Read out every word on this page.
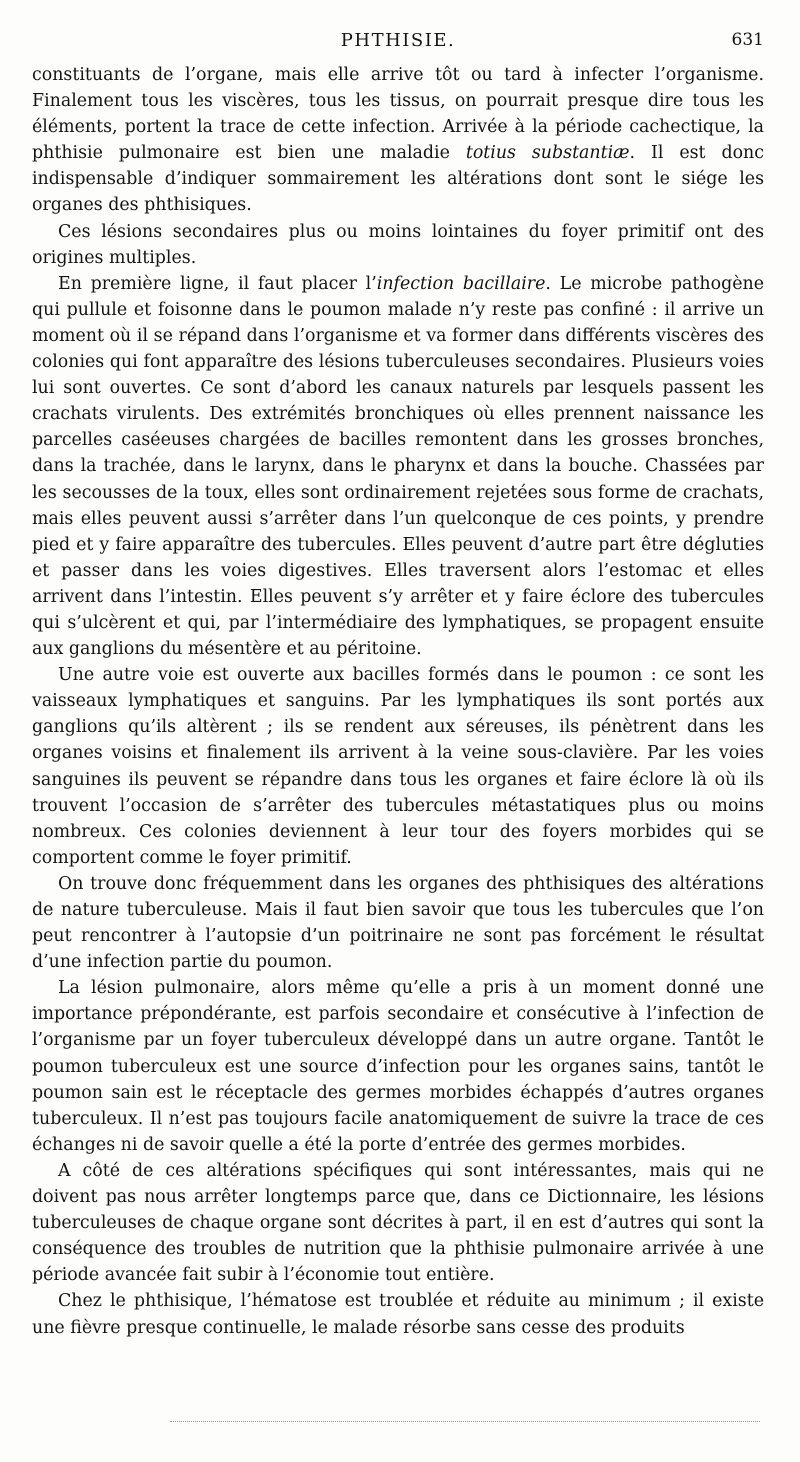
PHTHISIE.	631

constituants de l’organe, mais elle arrive tôt ou tard à infecter l’organisme. Finalement tous les viscères, tous les tissus, on pourrait presque dire tous les éléments, portent la trace de cette infection. Arrivée à la période cachectique, la phthisie pulmonaire est bien une maladie totius substantiæ. Il est donc indispensable d’indiquer sommairement les altérations dont sont le siége les organes des phthisiques.

Ces lésions secondaires plus ou moins lointaines du foyer primitif ont des origines multiples.

En première ligne, il faut placer l’infection bacillaire. Le microbe pathogène qui pullule et foisonne dans le poumon malade n’y reste pas confiné : il arrive un moment où il se répand dans l’organisme et va former dans différents viscères des colonies qui font apparaître des lésions tuberculeuses secondaires. Plusieurs voies lui sont ouvertes. Ce sont d’abord les canaux naturels par lesquels passent les crachats virulents. Des extrémités bronchiques où elles prennent naissance les parcelles caséeuses chargées de bacilles remontent dans les grosses bronches, dans la trachée, dans le larynx, dans le pharynx et dans la bouche. Chassées par les secousses de la toux, elles sont ordinairement rejetées sous forme de crachats, mais elles peuvent aussi s’arrêter dans l’un quelconque de ces points, y prendre pied et y faire apparaître des tubercules. Elles peuvent d’autre part être dégluties et passer dans les voies digestives. Elles traversent alors l’estomac et elles arrivent dans l’intestin. Elles peuvent s’y arrêter et y faire éclore des tubercules qui s’ulcèrent et qui, par l’intermédiaire des lymphatiques, se propagent ensuite aux ganglions du mésentère et au péritoine.

Une autre voie est ouverte aux bacilles formés dans le poumon : ce sont les vaisseaux lymphatiques et sanguins. Par les lymphatiques ils sont portés aux ganglions qu’ils altèrent ; ils se rendent aux séreuses, ils pénètrent dans les organes voisins et finalement ils arrivent à la veine sous-clavière. Par les voies sanguines ils peuvent se répandre dans tous les organes et faire éclore là où ils trouvent l’occasion de s’arrêter des tubercules métastatiques plus ou moins nombreux. Ces colonies deviennent à leur tour des foyers morbides qui se comportent comme le foyer primitif.

On trouve donc fréquemment dans les organes des phthisiques des altérations de nature tuberculeuse. Mais il faut bien savoir que tous les tubercules que l’on peut rencontrer à l’autopsie d’un poitrinaire ne sont pas forcément le résultat d’une infection partie du poumon.

La lésion pulmonaire, alors même qu’elle a pris à un moment donné une importance prépondérante, est parfois secondaire et consécutive à l’infection de l’organisme par un foyer tuberculeux développé dans un autre organe. Tantôt le poumon tuberculeux est une source d’infection pour les organes sains, tantôt le poumon sain est le réceptacle des germes morbides échappés d’autres organes tuberculeux. Il n’est pas toujours facile anatomiquement de suivre la trace de ces échanges ni de savoir quelle a été la porte d’entrée des germes morbides.

A côté de ces altérations spécifiques qui sont intéressantes, mais qui ne doivent pas nous arrêter longtemps parce que, dans ce Dictionnaire, les lésions tuberculeuses de chaque organe sont décrites à part, il en est d’autres qui sont la conséquence des troubles de nutrition que la phthisie pulmonaire arrivée à une période avancée fait subir à l’économie tout entière.

Chez le phthisique, l’hématose est troublée et réduite au minimum ; il existe une fièvre presque continuelle, le malade résorbe sans cesse des produits
